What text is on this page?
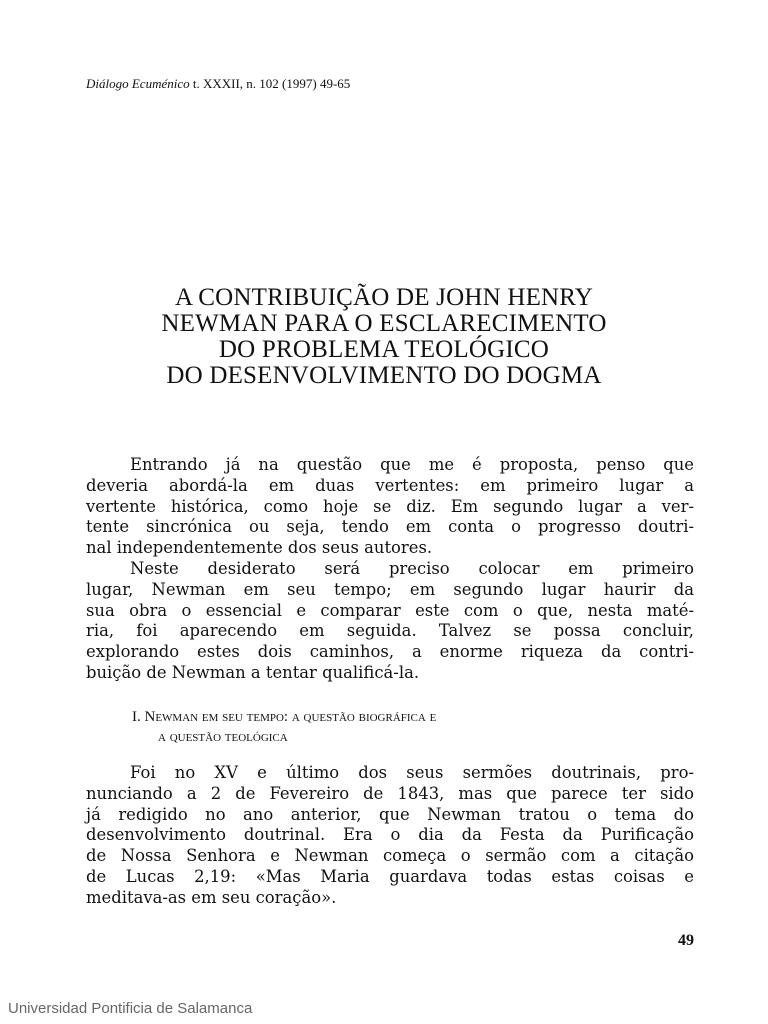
Diálogo Ecuménico t. XXXII, n. 102 (1997) 49-65
A CONTRIBUIÇÃO DE JOHN HENRY
NEWMAN PARA O ESCLARECIMENTO
DO PROBLEMA TEOLÓGICO
DO DESENVOLVIMENTO DO DOGMA
Entrando já na questão que me é proposta, penso que
deveria abordá-la em duas vertentes: em primeiro lugar a
vertente histórica, como hoje se diz. Em segundo lugar a ver-
tente sincrónica ou seja, tendo em conta o progresso doutri-
nal independentemente dos seus autores.
Neste desiderato será preciso colocar em primeiro
lugar, Newman em seu tempo; em segundo lugar haurir da
sua obra o essencial e comparar este com o que, nesta maté-
ria, foi aparecendo em seguida. Talvez se possa concluir,
explorando estes dois caminhos, a enorme riqueza da contri-
buição de Newman a tentar qualificá-la.
I. Newman em seu tempo: a questão biográfica e
a questão teológica
Foi no XV e último dos seus sermões doutrinais, pro-
nunciando a 2 de Fevereiro de 1843, mas que parece ter sido
já redigido no ano anterior, que Newman tratou o tema do
desenvolvimento doutrinal. Era o dia da Festa da Purificação
de Nossa Senhora e Newman começa o sermão com a citação
de Lucas 2,19: «Mas Maria guardava todas estas coisas e
meditava-as em seu coração».
49
Universidad Pontificia de Salamanca
